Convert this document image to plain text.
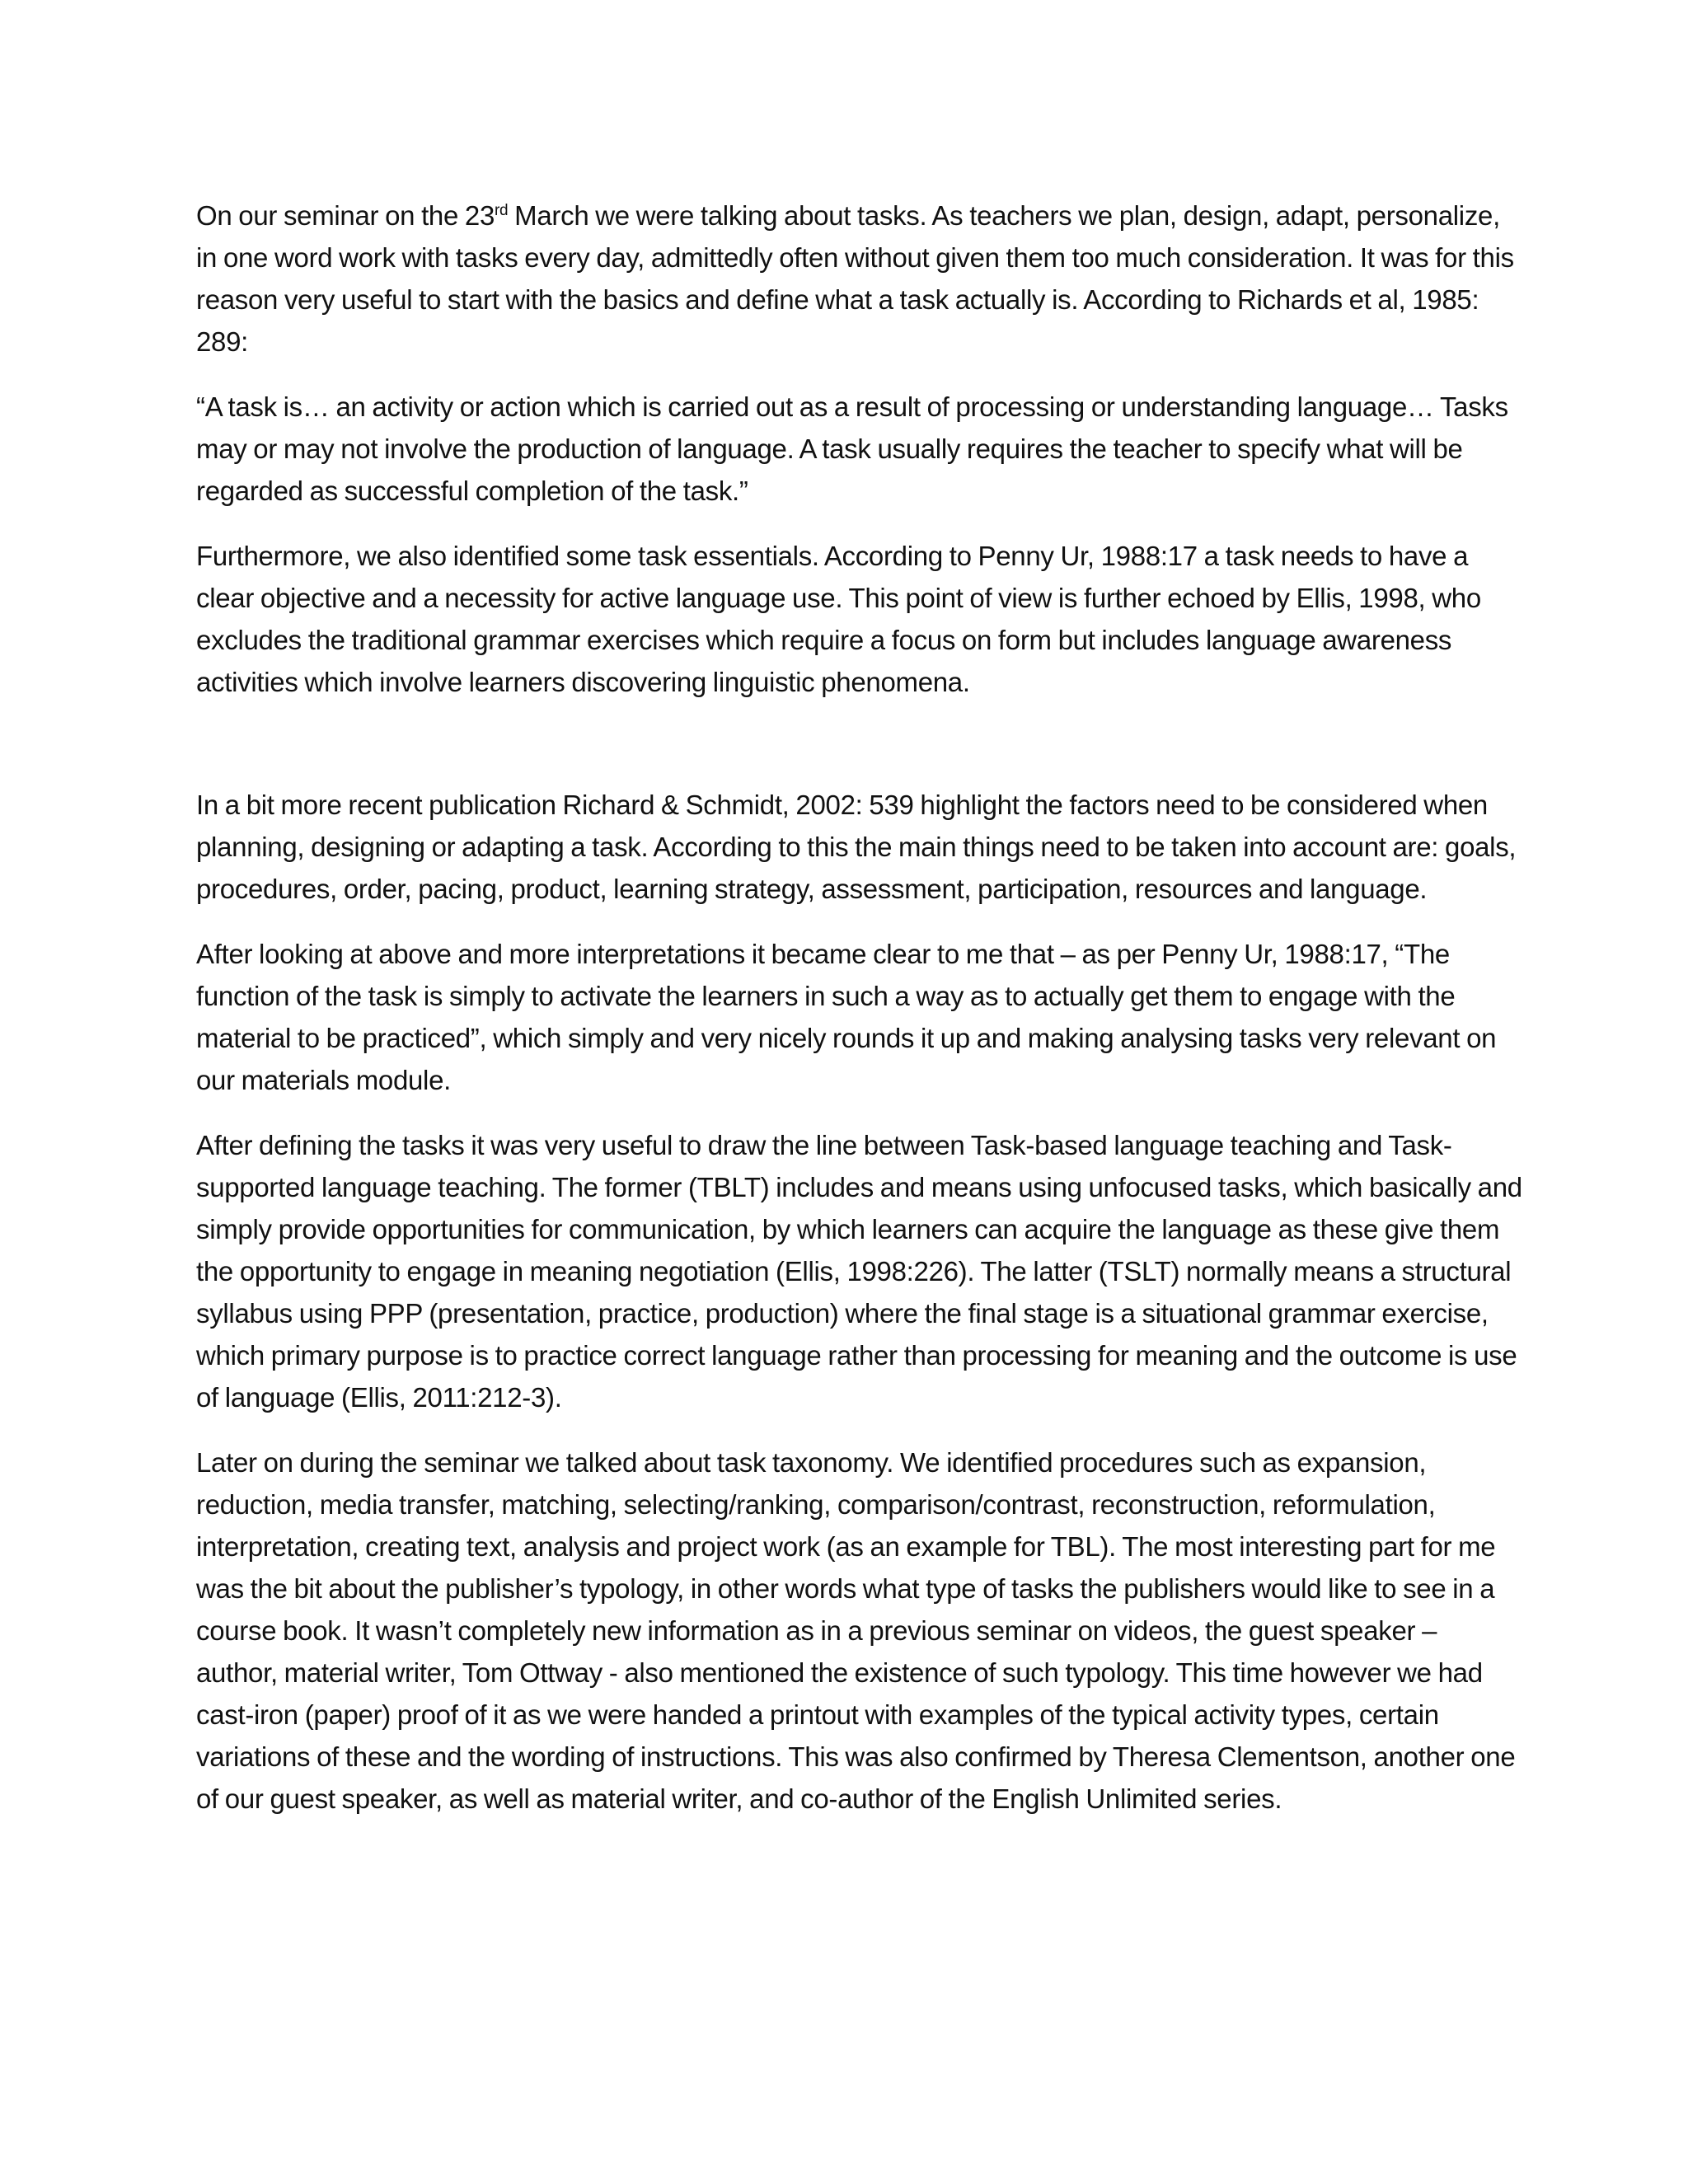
On our seminar on the 23rd March we were talking about tasks. As teachers we plan, design, adapt, personalize, in one word work with tasks every day, admittedly often without given them too much consideration. It was for this reason very useful to start with the basics and define what a task actually is. According to Richards et al, 1985: 289:

“A task is… an activity or action which is carried out as a result of processing or understanding language… Tasks may or may not involve the production of language. A task usually requires the teacher to specify what will be regarded as successful completion of the task.”

Furthermore, we also identified some task essentials. According to Penny Ur, 1988:17 a task needs to have a clear objective and a necessity for active language use. This point of view is further echoed by Ellis, 1998, who excludes the traditional grammar exercises which require a focus on form but includes language awareness activities which involve learners discovering linguistic phenomena.

In a bit more recent publication Richard & Schmidt, 2002: 539 highlight the factors need to be considered when planning, designing or adapting a task. According to this the main things need to be taken into account are: goals, procedures, order, pacing, product, learning strategy, assessment, participation, resources and language.

After looking at above and more interpretations it became clear to me that – as per Penny Ur, 1988:17, “The function of the task is simply to activate the learners in such a way as to actually get them to engage with the material to be practiced”, which simply and very nicely rounds it up and making analysing tasks very relevant on our materials module.

After defining the tasks it was very useful to draw the line between Task-based language teaching and Task-supported language teaching. The former (TBLT) includes and means using unfocused tasks, which basically and simply provide opportunities for communication, by which learners can acquire the language as these give them the opportunity to engage in meaning negotiation (Ellis, 1998:226). The latter (TSLT) normally means a structural syllabus using PPP (presentation, practice, production) where the final stage is a situational grammar exercise, which primary purpose is to practice correct language rather than processing for meaning and the outcome is use of language (Ellis, 2011:212-3).

Later on during the seminar we talked about task taxonomy. We identified procedures such as expansion, reduction, media transfer, matching, selecting/ranking, comparison/contrast, reconstruction, reformulation, interpretation, creating text, analysis and project work (as an example for TBL). The most interesting part for me was the bit about the publisher’s typology, in other words what type of tasks the publishers would like to see in a course book. It wasn’t completely new information as in a previous seminar on videos, the guest speaker – author, material writer, Tom Ottway - also mentioned the existence of such typology. This time however we had cast-iron (paper) proof of it as we were handed a printout with examples of the typical activity types, certain variations of these and the wording of instructions. This was also confirmed by Theresa Clementson, another one of our guest speaker, as well as material writer, and co-author of the English Unlimited series.
